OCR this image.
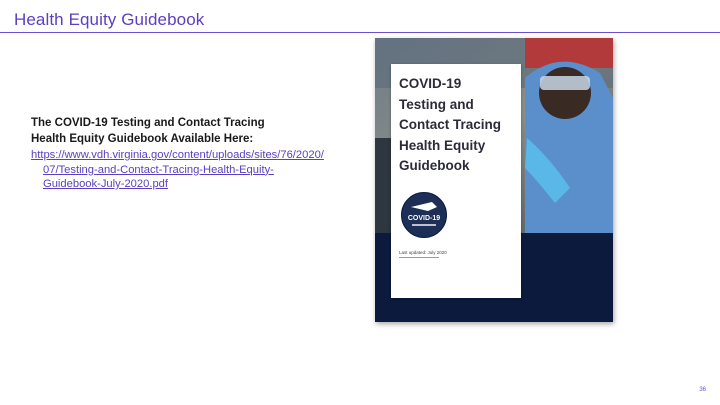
Health Equity Guidebook
The COVID-19 Testing and Contact Tracing
Health Equity Guidebook Available Here:
https://www.vdh.virginia.gov/content/uploads/sites/76/2020/
07/Testing-and-Contact-Tracing-Health-Equity-
Guidebook-July-2020.pdf
COVID-19
Testing and
Contact Tracing
Health Equity
Guidebook
COVID-19
Last updated: July 2020
36
